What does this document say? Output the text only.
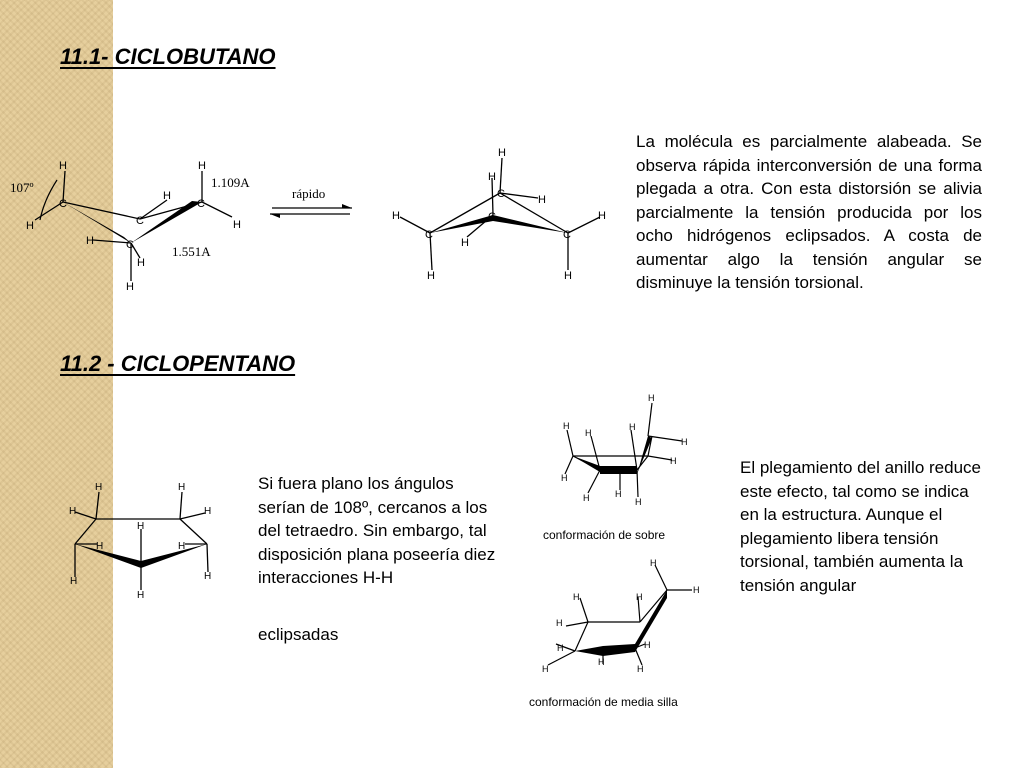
11.1- CICLOBUTANO
11.2 - CICLOPENTANO

La molécula es parcialmente alabeada. Se observa rápida interconversión de una forma plegada a otra. Con esta distorsión se alivia parcialmente la tensión producida por los ocho hidrógenos eclipsados. A costa de aumentar algo la tensión angular se disminuye la tensión torsional.

Si fuera plano los ángulos serían de 108º, cercanos a los del tetraedro. Sin embargo, tal disposición plana poseería diez interacciones H-H

eclipsadas

El plegamiento del anillo reduce este efecto, tal como se indica en la estructura. Aunque el plegamiento libera tensión torsional, también aumenta la tensión angular

conformación de sobre
conformación de media silla
H
C
H
H
C
H
H
C
H	C
H
H
107º	1.109A
1.551A
rápido
H
H
C	H
C
H	H
C	C
H
H	H
H	H
H	H
H
H	H
H	H
H
H
H	H
H
H
H
H
H
H	H
H
H
H	H
H
H	H
H
H	H
